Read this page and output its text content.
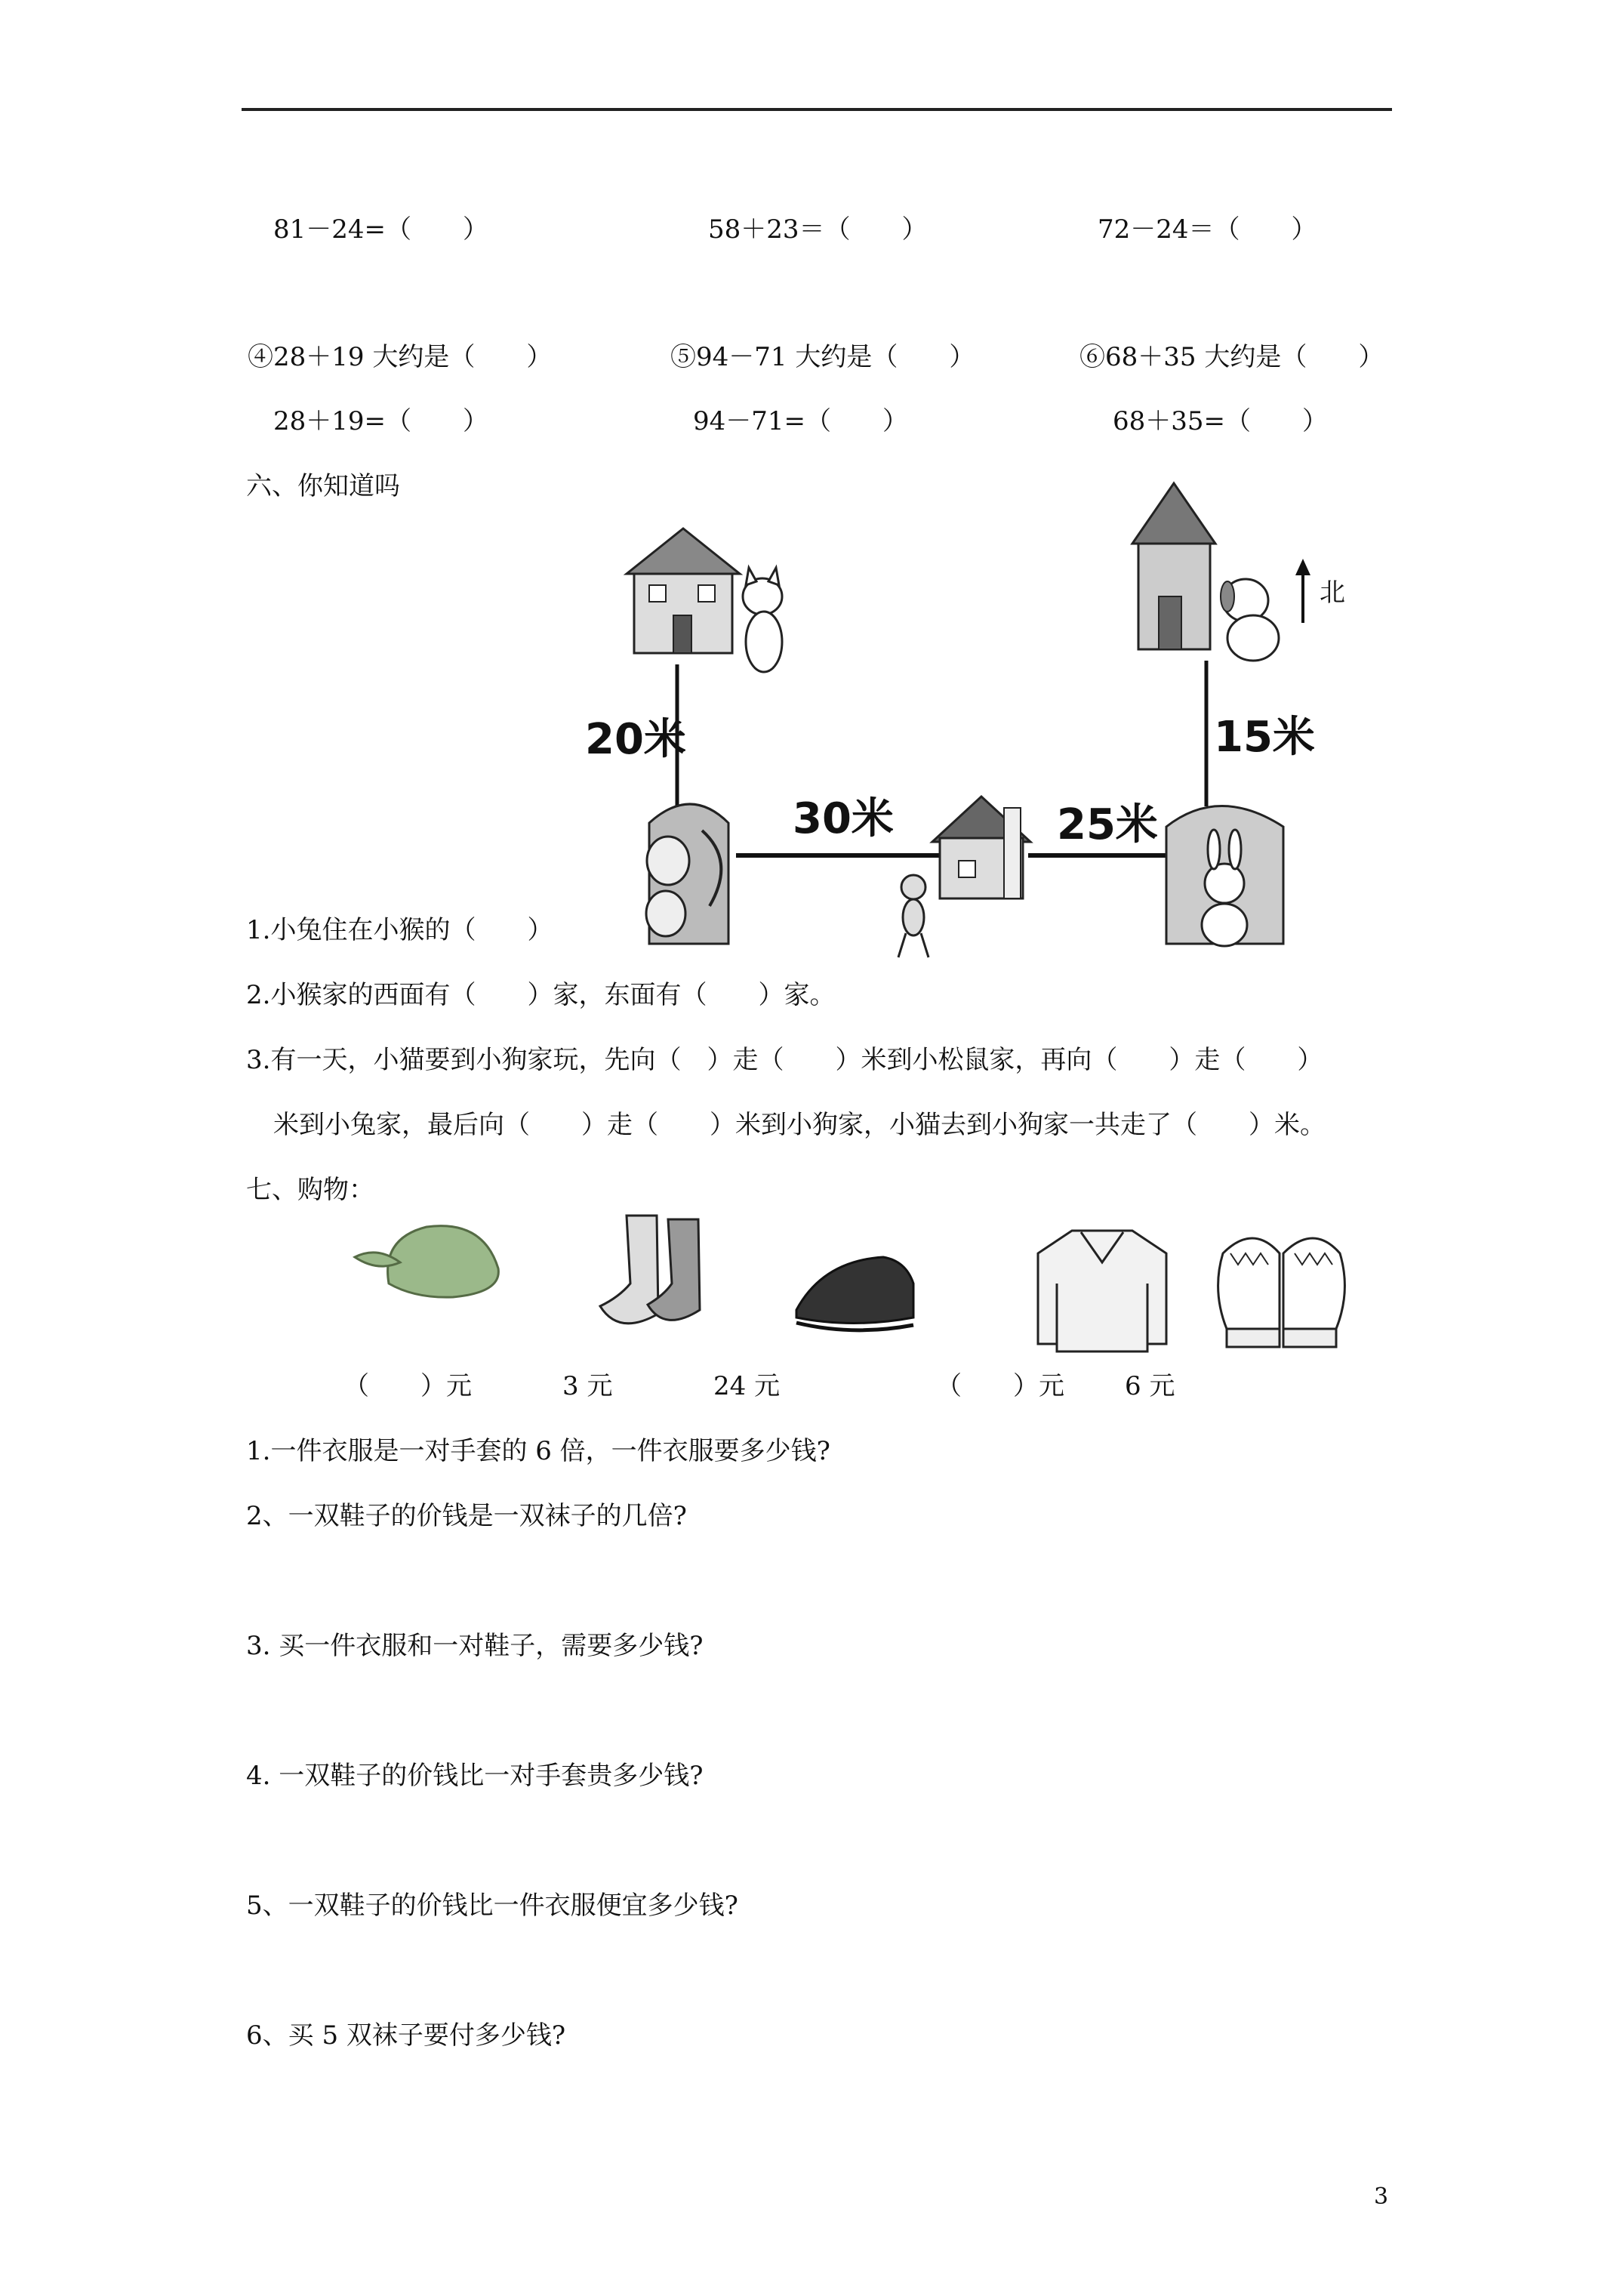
81－24=（　　）	58＋23＝（　　）	72－24＝（　　）
④28＋19 大约是（　　）	⑤94－71 大约是（　　）	⑥68＋35 大约是（　　）
28＋19=（　　）	94－71=（　　）	68＋35=（　　）
六、你知道吗
20米
30米	25米
15米
北
1.小兔住在小猴的（　　）
2.小猴家的西面有（　　）家，东面有（　　）家。
3.有一天，小猫要到小狗家玩，先向（　）走（　　）米到小松鼠家，再向（　　）走（　　）
米到小兔家，最后向（　　）走（　　）米到小狗家，小猫去到小狗家一共走了（　　）米。
七、购物：
（　　）元	3 元	24 元	（　　）元 6 元
1.一件衣服是一对手套的 6 倍，一件衣服要多少钱?
2、一双鞋子的价钱是一双袜子的几倍?
3. 买一件衣服和一对鞋子，需要多少钱?
4. 一双鞋子的价钱比一对手套贵多少钱?
5、一双鞋子的价钱比一件衣服便宜多少钱?
6、买 5 双袜子要付多少钱?
3
